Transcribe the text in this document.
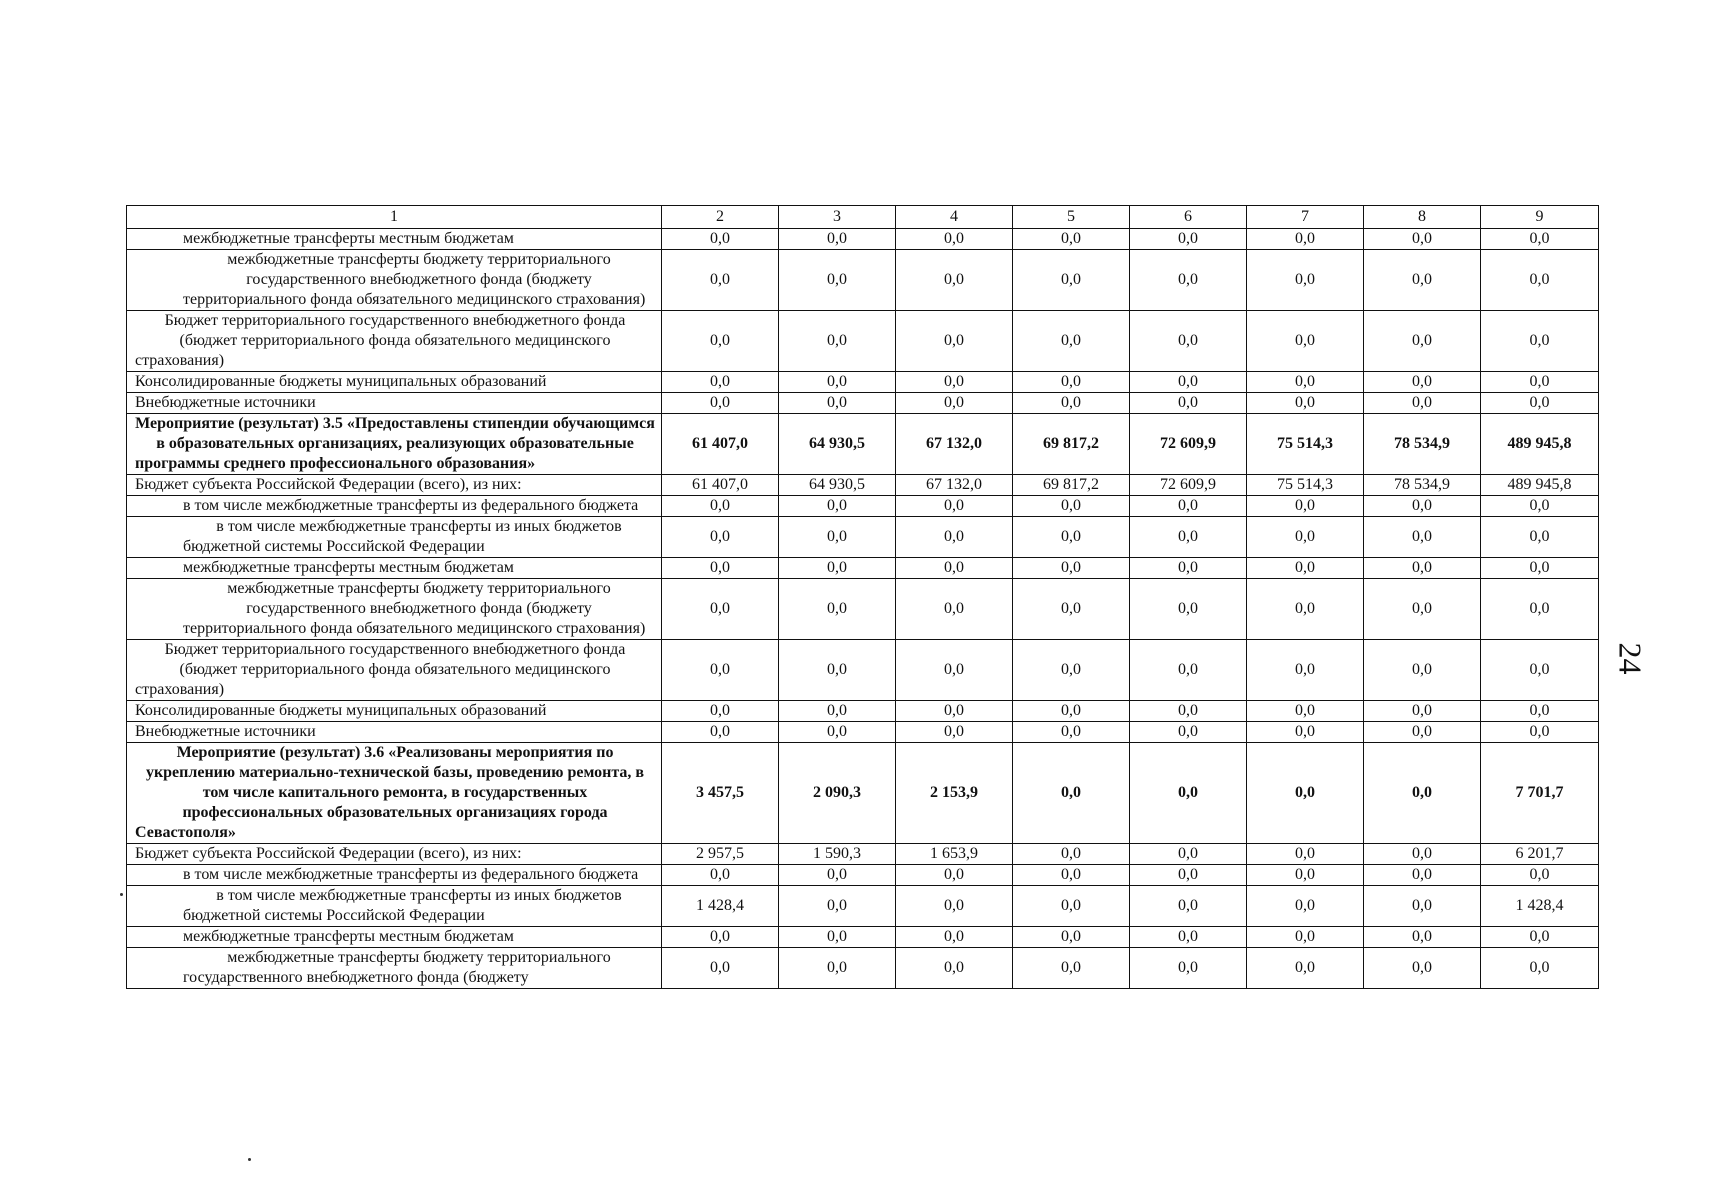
1	2	3	4	5	6	7	8	9
межбюджетные трансферты местным бюджетам	0,0	0,0	0,0	0,0	0,0	0,0	0,0	0,0
межбюджетные трансферты бюджету территориального государственного внебюджетного фонда (бюджету территориального фонда обязательного медицинского страхования)	0,0	0,0	0,0	0,0	0,0	0,0	0,0	0,0
Бюджет территориального государственного внебюджетного фонда (бюджет территориального фонда обязательного медицинского страхования)	0,0	0,0	0,0	0,0	0,0	0,0	0,0	0,0
Консолидированные бюджеты муниципальных образований	0,0	0,0	0,0	0,0	0,0	0,0	0,0	0,0
Внебюджетные источники	0,0	0,0	0,0	0,0	0,0	0,0	0,0	0,0
Мероприятие (результат) 3.5 «Предоставлены стипендии обучающимся в образовательных организациях, реализующих образовательные программы среднего профессионального образования»	61 407,0	64 930,5	67 132,0	69 817,2	72 609,9	75 514,3	78 534,9	489 945,8
Бюджет субъекта Российской Федерации (всего), из них:	61 407,0	64 930,5	67 132,0	69 817,2	72 609,9	75 514,3	78 534,9	489 945,8
в том числе межбюджетные трансферты из федерального бюджета	0,0	0,0	0,0	0,0	0,0	0,0	0,0	0,0
в том числе межбюджетные трансферты из иных бюджетов бюджетной системы Российской Федерации	0,0	0,0	0,0	0,0	0,0	0,0	0,0	0,0
межбюджетные трансферты местным бюджетам	0,0	0,0	0,0	0,0	0,0	0,0	0,0	0,0
межбюджетные трансферты бюджету территориального государственного внебюджетного фонда (бюджету территориального фонда обязательного медицинского страхования)	0,0	0,0	0,0	0,0	0,0	0,0	0,0	0,0
Бюджет территориального государственного внебюджетного фонда (бюджет территориального фонда обязательного медицинского страхования)	0,0	0,0	0,0	0,0	0,0	0,0	0,0	0,0
Консолидированные бюджеты муниципальных образований	0,0	0,0	0,0	0,0	0,0	0,0	0,0	0,0
Внебюджетные источники	0,0	0,0	0,0	0,0	0,0	0,0	0,0	0,0
Мероприятие (результат) 3.6 «Реализованы мероприятия по укреплению материально-технической базы, проведению ремонта, в том числе капитального ремонта, в государственных профессиональных образовательных организациях города Севастополя»	3 457,5	2 090,3	2 153,9	0,0	0,0	0,0	0,0	7 701,7
Бюджет субъекта Российской Федерации (всего), из них:	2 957,5	1 590,3	1 653,9	0,0	0,0	0,0	0,0	6 201,7
в том числе межбюджетные трансферты из федерального бюджета	0,0	0,0	0,0	0,0	0,0	0,0	0,0	0,0
в том числе межбюджетные трансферты из иных бюджетов бюджетной системы Российской Федерации	1 428,4	0,0	0,0	0,0	0,0	0,0	0,0	1 428,4
межбюджетные трансферты местным бюджетам	0,0	0,0	0,0	0,0	0,0	0,0	0,0	0,0
межбюджетные трансферты бюджету территориального государственного внебюджетного фонда (бюджету	0,0	0,0	0,0	0,0	0,0	0,0	0,0	0,0
24
